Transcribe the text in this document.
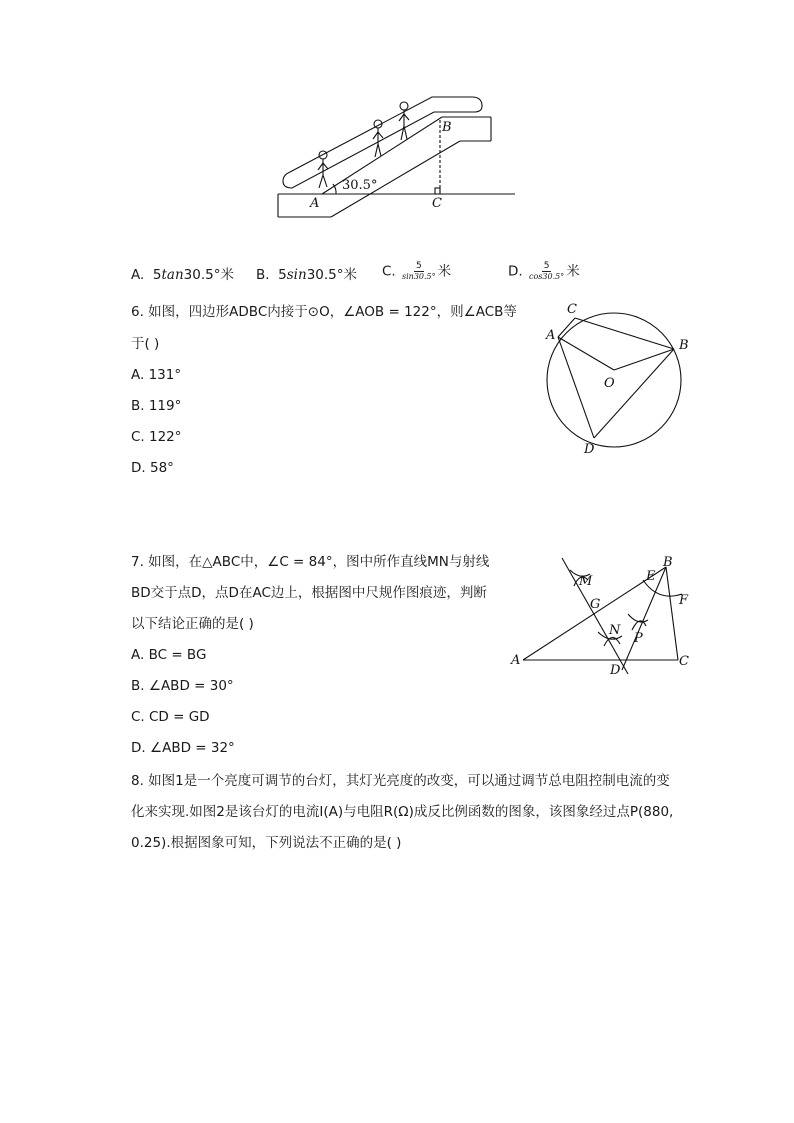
A
B
C
30.5°
A. 5tan30.5°米 B. 5sin30.5°米 C. $\frac{5}{\sin 30.5^\circ}$ 米	D. $\frac{5}{\cos 30.5^\circ}$ 米
6. 如图，四边形ADBC内接于⊙O，∠AOB = 122°，则∠ACB等
于( )
A. 131°
B. 119°
C. 122°
D. 58°
A
C
B
D
O
7. 如图，在△ABC中，∠C = 84°，图中所作直线MN与射线
BD交于点D，点D在AC边上，根据图中尺规作图痕迹，判断
以下结论正确的是( )
A. BC = BG
B. ∠ABD = 30°
C. CD = GD
D. ∠ABD = 32°
A
B
C
D
E
F
G
M
N
P
8. 如图1是一个亮度可调节的台灯，其灯光亮度的改变，可以通过调节总电阻控制电流的变
化来实现.如图2是该台灯的电流I(A)与电阻R(Ω)成反比例函数的图象，该图象经过点P(880,
0.25).根据图象可知，下列说法不正确的是( )
